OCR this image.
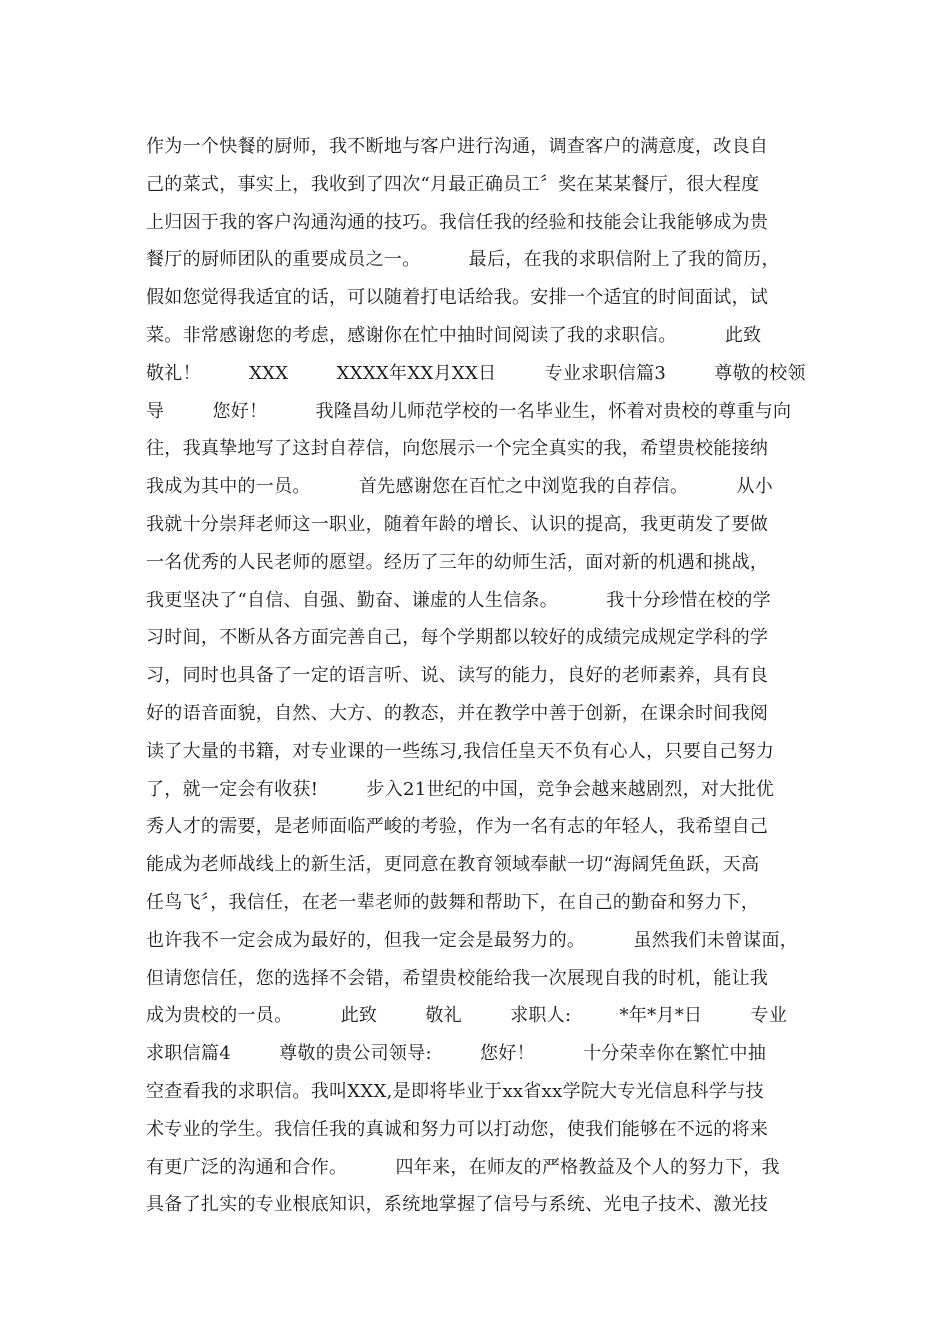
作为一个快餐的厨师，我不断地与客户进行沟通，调查客户的满意度，改良自
己的菜式，事实上，我收到了四次“月最正确员工〞奖在某某餐厅，很大程度
上归因于我的客户沟通沟通的技巧。我信任我的经验和技能会让我能够成为贵
餐厅的厨师团队的重要成员之一。        最后，在我的求职信附上了我的简历，
假如您觉得我适宜的话，可以随着打电话给我。安排一个适宜的时间面试，试
菜。非常感谢您的考虑，感谢你在忙中抽时间阅读了我的求职信。        此致
敬礼！        XXX        XXXX年XX月XX日        专业求职信篇3        尊敬的校领
导        您好！        我隆昌幼儿师范学校的一名毕业生，怀着对贵校的尊重与向
往，我真挚地写了这封自荐信，向您展示一个完全真实的我，希望贵校能接纳
我成为其中的一员。        首先感谢您在百忙之中浏览我的自荐信。        从小
我就十分崇拜老师这一职业，随着年龄的增长、认识的提高，我更萌发了要做
一名优秀的人民老师的愿望。经历了三年的幼师生活，面对新的机遇和挑战，
我更坚决了“自信、自强、勤奋、谦虚的人生信条。        我十分珍惜在校的学
习时间，不断从各方面完善自己，每个学期都以较好的成绩完成规定学科的学
习，同时也具备了一定的语言听、说、读写的能力，良好的老师素养，具有良
好的语音面貌，自然、大方、的教态，并在教学中善于创新，在课余时间我阅
读了大量的书籍，对专业课的一些练习,我信任皇天不负有心人，只要自己努力
了，就一定会有收获!        步入21世纪的中国，竞争会越来越剧烈，对大批优
秀人才的需要，是老师面临严峻的考验，作为一名有志的年轻人，我希望自己
能成为老师战线上的新生活，更同意在教育领域奉献一切“海阔凭鱼跃，天高
任鸟飞〞，我信任，在老一辈老师的鼓舞和帮助下，在自己的勤奋和努力下，
也许我不一定会成为最好的，但我一定会是最努力的。        虽然我们未曾谋面，
但请您信任，您的选择不会错，希望贵校能给我一次展现自我的时机，能让我
成为贵校的一员。        此致        敬礼        求职人:        *年*月*日        专业
求职信篇4        尊敬的贵公司领导:        您好！        十分荣幸你在繁忙中抽
空查看我的求职信。我叫XXX,是即将毕业于xx省xx学院大专光信息科学与技
术专业的学生。我信任我的真诚和努力可以打动您，使我们能够在不远的将来
有更广泛的沟通和合作。        四年来，在师友的严格教益及个人的努力下，我
具备了扎实的专业根底知识，系统地掌握了信号与系统、光电子技术、激光技
